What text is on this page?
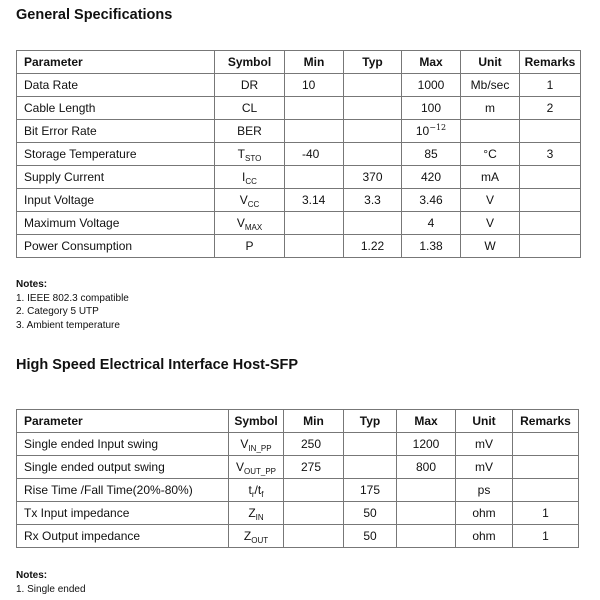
General Specifications
Parameter	Symbol	Min	Typ	Max	Unit	Remarks
Data Rate	DR	10		1000	Mb/sec	1
Cable Length	CL			100	m	2
Bit Error Rate	BER			$10^{-12}$		
Storage Temperature	$T_{STO}$	-40		85	°C	3
Supply Current	$I_{CC}$		370	420	mA	
Input Voltage	$V_{CC}$	3.14	3.3	3.46	V	
Maximum Voltage	$V_{MAX}$			4	V	
Power Consumption	P		1.22	1.38	W	
Notes:
1. IEEE 802.3 compatible
2. Category 5 UTP
3. Ambient temperature
High Speed Electrical Interface Host-SFP
Parameter	Symbol	Min	Typ	Max	Unit	Remarks
Single ended Input swing	$V_{IN\_PP}$	250		1200	mV	
Single ended output swing	$V_{OUT\_PP}$	275		800	mV	
Rise Time /Fall Time(20%-80%)	$t_r/t_f$		175		ps	
Tx Input impedance	$Z_{IN}$		50		ohm	1
Rx Output impedance	$Z_{OUT}$		50		ohm	1
Notes:
1. Single ended
